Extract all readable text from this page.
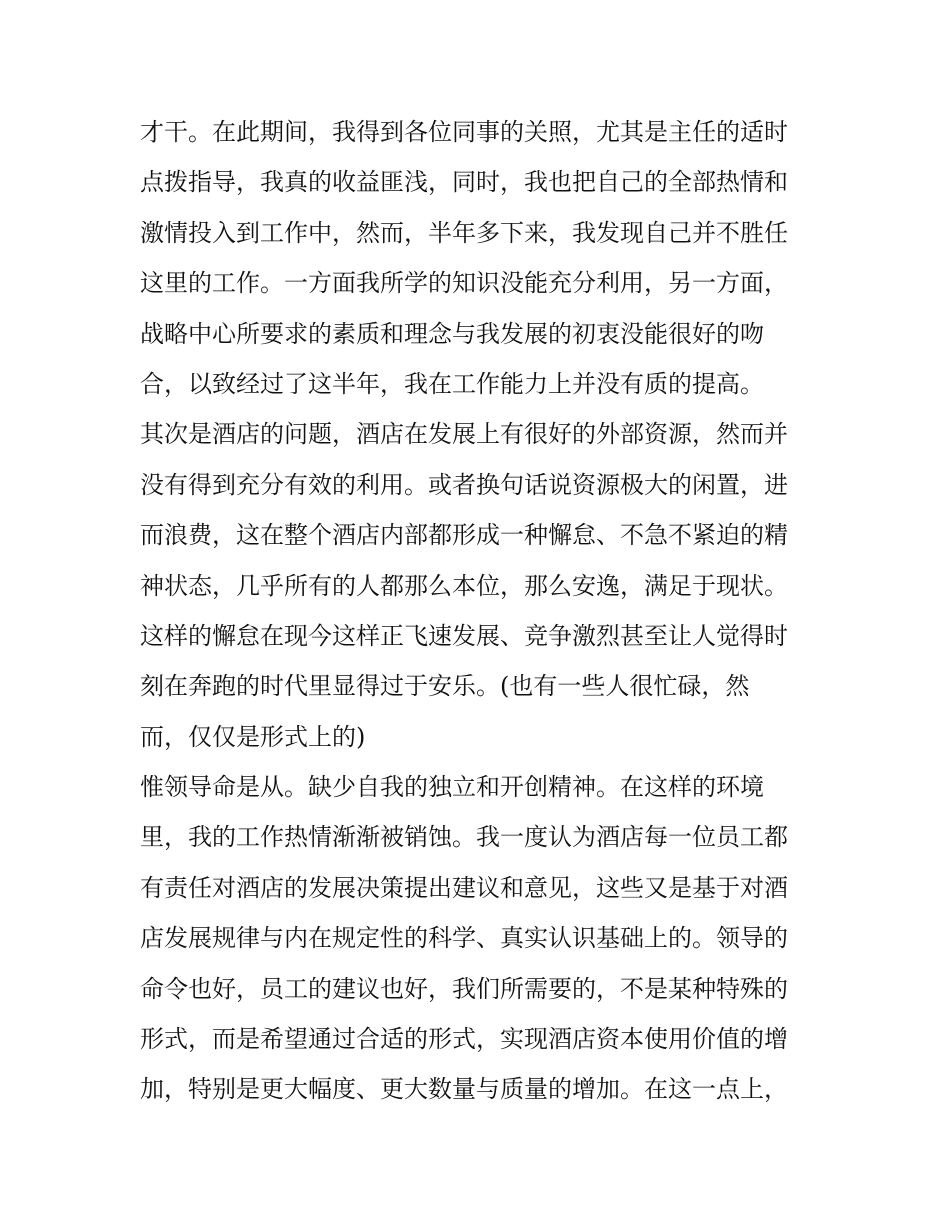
才干。在此期间，我得到各位同事的关照，尤其是主任的适时
点拨指导，我真的收益匪浅，同时，我也把自己的全部热情和
激情投入到工作中，然而，半年多下来，我发现自己并不胜任
这里的工作。一方面我所学的知识没能充分利用，另一方面，
战略中心所要求的素质和理念与我发展的初衷没能很好的吻
合，以致经过了这半年，我在工作能力上并没有质的提高。
其次是酒店的问题，酒店在发展上有很好的外部资源，然而并
没有得到充分有效的利用。或者换句话说资源极大的闲置，进
而浪费，这在整个酒店内部都形成一种懈怠、不急不紧迫的精
神状态，几乎所有的人都那么本位，那么安逸，满足于现状。
这样的懈怠在现今这样正飞速发展、竞争激烈甚至让人觉得时
刻在奔跑的时代里显得过于安乐。(也有一些人很忙碌，然
而，仅仅是形式上的)
惟领导命是从。缺少自我的独立和开创精神。在这样的环境
里，我的工作热情渐渐被销蚀。我一度认为酒店每一位员工都
有责任对酒店的发展决策提出建议和意见，这些又是基于对酒
店发展规律与内在规定性的科学、真实认识基础上的。领导的
命令也好，员工的建议也好，我们所需要的，不是某种特殊的
形式，而是希望通过合适的形式，实现酒店资本使用价值的增
加，特别是更大幅度、更大数量与质量的增加。在这一点上，
